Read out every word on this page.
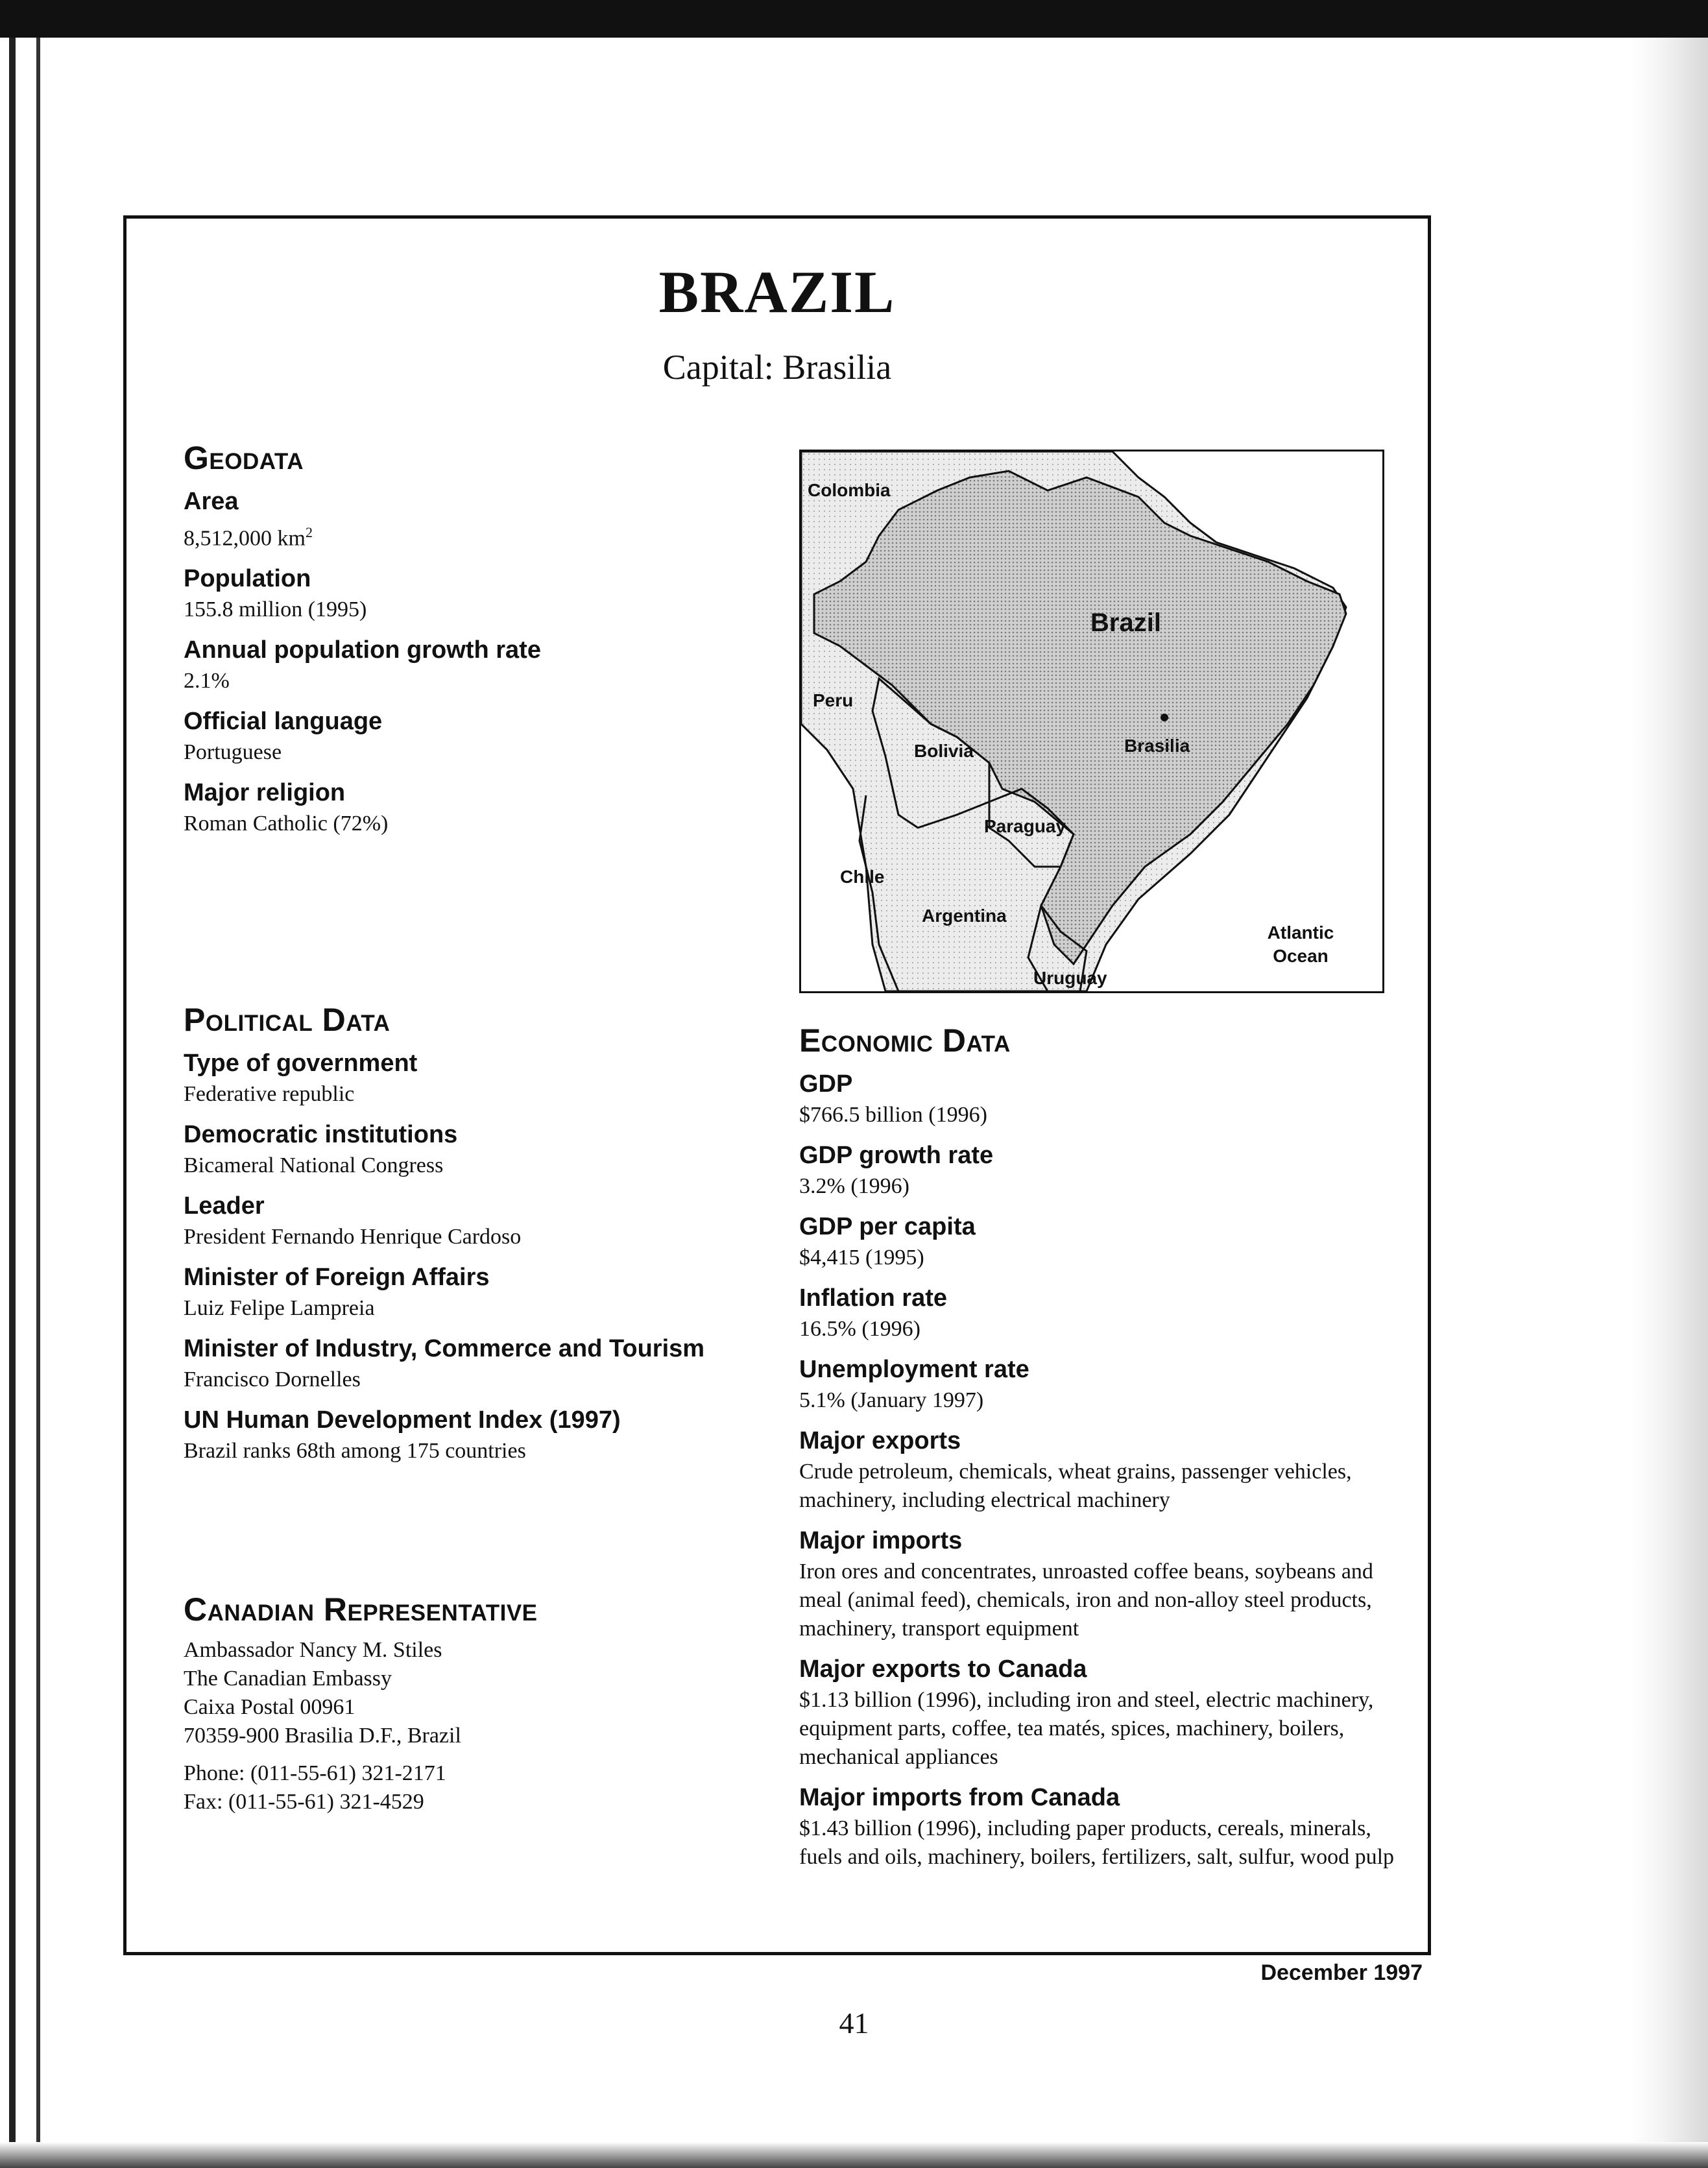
BRAZIL

Capital: Brasilia

Geodata

Area

8,512,000 $km^2$

Population

155.8 million (1995)

Annual population growth rate

2.1%

Official language

Portuguese

Major religion

Roman Catholic (72%)

Colombia
Brazil
Peru
Bolivia	Brasilia
Paraguay
Chile
Argentina
Uruguay
Atlantic
Ocean
Political Data

Type of government

Federative republic

Democratic institutions

Bicameral National Congress

Leader

President Fernando Henrique Cardoso

Minister of Foreign Affairs

Luiz Felipe Lampreia

Minister of Industry, Commerce and Tourism

Francisco Dornelles

UN Human Development Index (1997)

Brazil ranks 68th among 175 countries

Canadian Representative

Ambassador Nancy M. Stiles

The Canadian Embassy

Caixa Postal 00961

70359-900 Brasilia D.F., Brazil

Phone: (011-55-61) 321-2171

Fax: (011-55-61) 321-4529

Economic Data

GDP

$766.5 billion (1996)

GDP growth rate

3.2% (1996)

GDP per capita

$4,415 (1995)

Inflation rate

16.5% (1996)

Unemployment rate

5.1% (January 1997)

Major exports

Crude petroleum, chemicals, wheat grains, passenger vehicles, machinery, including electrical machinery

Major imports

Iron ores and concentrates, unroasted coffee beans, soybeans and meal (animal feed), chemicals, iron and non-alloy steel products, machinery, transport equipment

Major exports to Canada

$1.13 billion (1996), including iron and steel, electric machinery, equipment parts, coffee, tea matés, spices, machinery, boilers, mechanical appliances

Major imports from Canada

$1.43 billion (1996), including paper products, cereals, minerals, fuels and oils, machinery, boilers, fertilizers, salt, sulfur, wood pulp

December 1997

41
